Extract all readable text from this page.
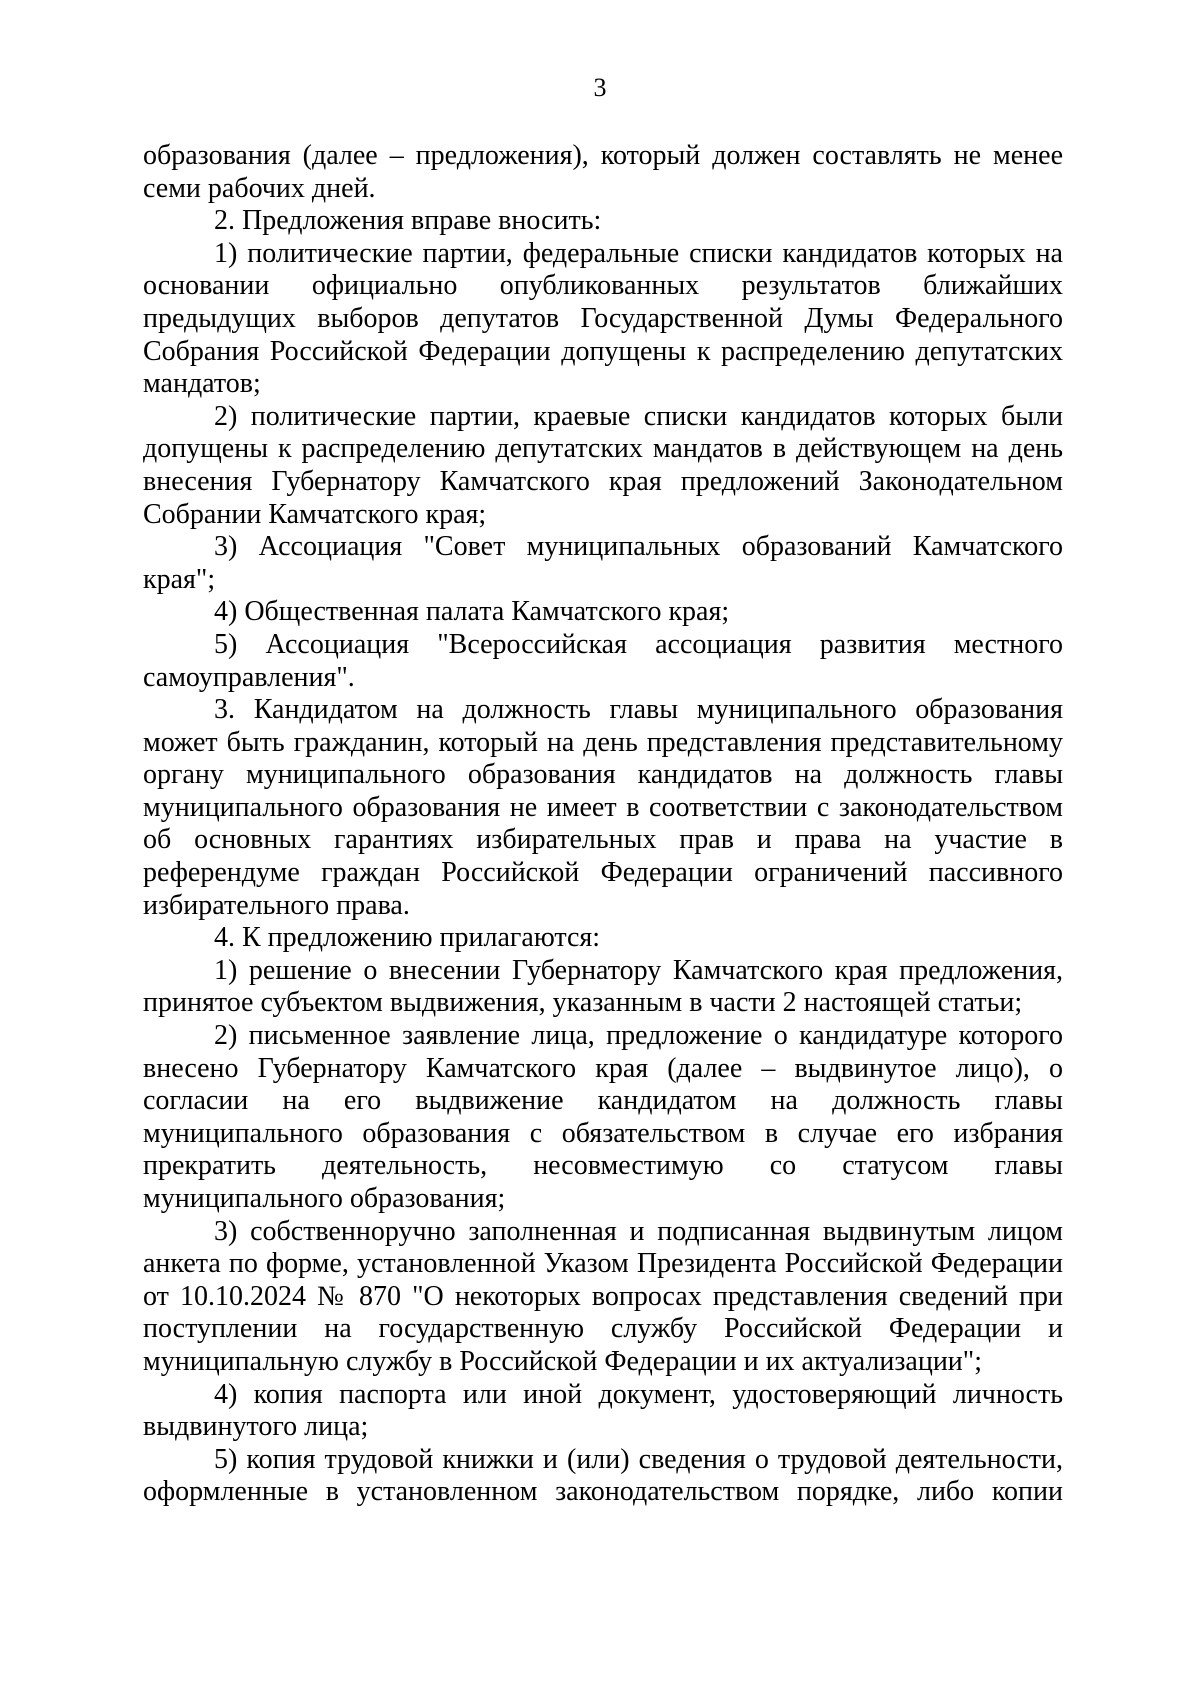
3

образования (далее – предложения), который должен составлять не менее семи рабочих дней.

2. Предложения вправе вносить:

1) политические партии, федеральные списки кандидатов которых на основании официально опубликованных результатов ближайших предыдущих выборов депутатов Государственной Думы Федерального Собрания Российской Федерации допущены к распределению депутатских мандатов;

2) политические партии, краевые списки кандидатов которых были допущены к распределению депутатских мандатов в действующем на день внесения Губернатору Камчатского края предложений Законодательном Собрании Камчатского края;

3) Ассоциация "Совет муниципальных образований Камчатского края";

4) Общественная палата Камчатского края;

5) Ассоциация "Всероссийская ассоциация развития местного самоуправления".

3. Кандидатом на должность главы муниципального образования может быть гражданин, который на день представления представительному органу муниципального образования кандидатов на должность главы муниципального образования не имеет в соответствии с законодательством об основных гарантиях избирательных прав и права на участие в референдуме граждан Российской Федерации ограничений пассивного избирательного права.

4. К предложению прилагаются:

1) решение о внесении Губернатору Камчатского края предложения, принятое субъектом выдвижения, указанным в части 2 настоящей статьи;

2) письменное заявление лица, предложение о кандидатуре которого внесено Губернатору Камчатского края (далее – выдвинутое лицо), о согласии на его выдвижение кандидатом на должность главы муниципального образования с обязательством в случае его избрания прекратить деятельность, несовместимую со статусом главы муниципального образования;

3) собственноручно заполненная и подписанная выдвинутым лицом анкета по форме, установленной Указом Президента Российской Федерации от 10.10.2024 № 870 "О некоторых вопросах представления сведений при поступлении на государственную службу Российской Федерации и муниципальную службу в Российской Федерации и их актуализации";

4) копия паспорта или иной документ, удостоверяющий личность выдвинутого лица;

5) копия трудовой книжки и (или) сведения о трудовой деятельности, оформленные в установленном законодательством порядке, либо копии
